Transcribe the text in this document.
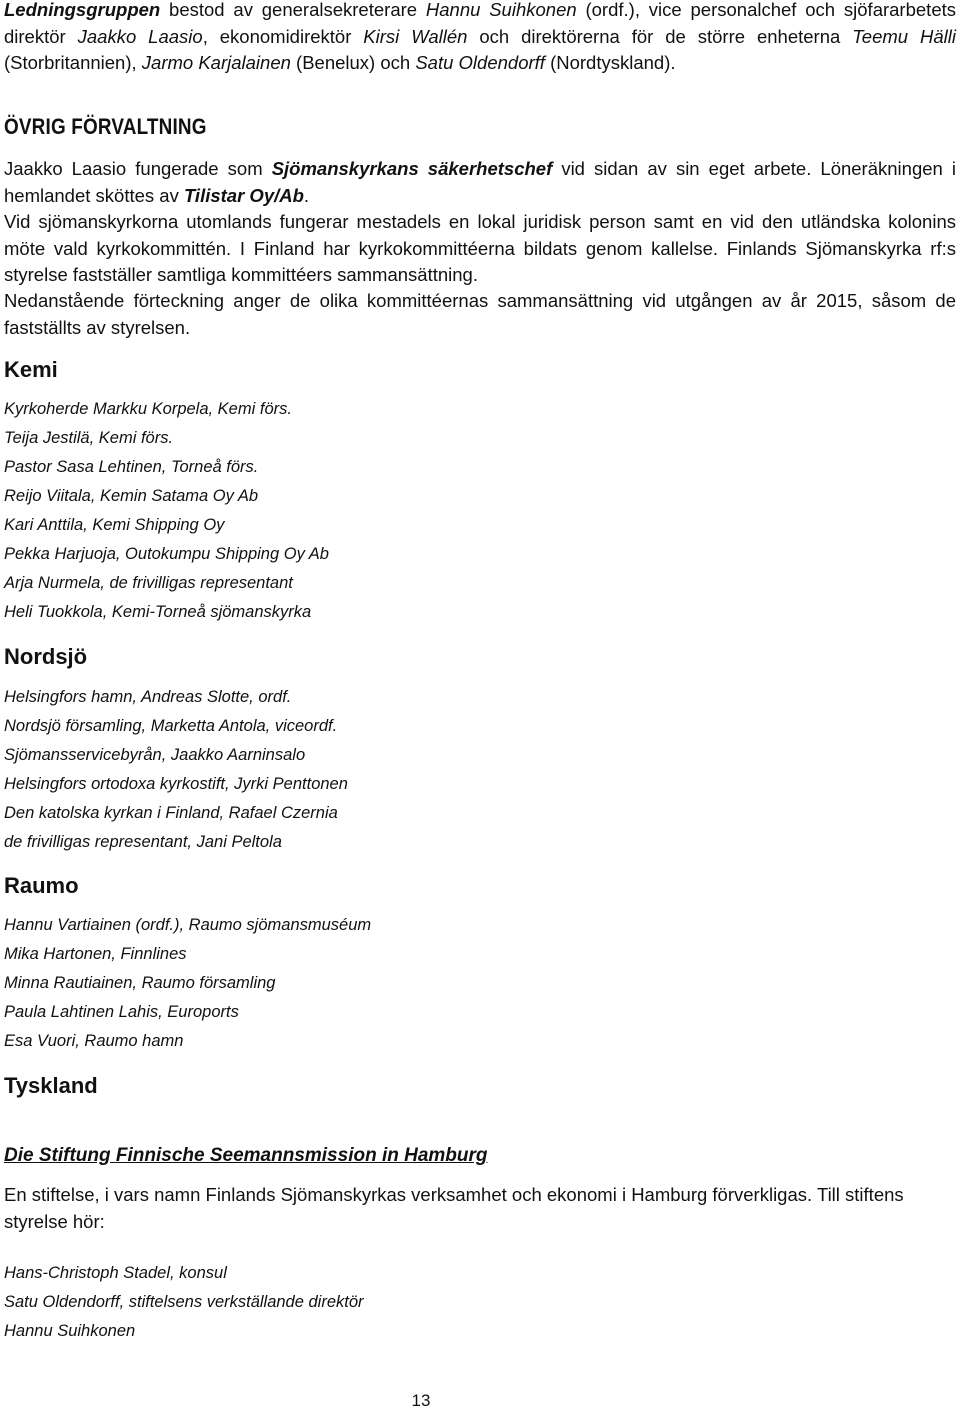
Ledningsgruppen bestod av generalsekreterare Hannu Suihkonen (ordf.), vice personalchef och sjöfararbetets direktör Jaakko Laasio, ekonomidirektör Kirsi Wallén och direktörerna för de större enheterna Teemu Hälli (Storbritannien), Jarmo Karjalainen (Benelux) och Satu Oldendorff (Nordtyskland).

ÖVRIG FÖRVALTNING

Jaakko Laasio fungerade som Sjömanskyrkans säkerhetschef vid sidan av sin eget arbete. Löneräkningen i hemlandet sköttes av Tilistar Oy/Ab.

Vid sjömanskyrkorna utomlands fungerar mestadels en lokal juridisk person samt en vid den utländska kolonins möte vald kyrkokommittén. I Finland har kyrkokommittéerna bildats genom kallelse. Finlands Sjömanskyrka rf:s styrelse fastställer samtliga kommittéers sammansättning.

Nedanstående förteckning anger de olika kommittéernas sammansättning vid utgången av år 2015, såsom de fastställts av styrelsen.

Kemi
Kyrkoherde Markku Korpela, Kemi förs.
Teija Jestilä, Kemi förs.
Pastor Sasa Lehtinen, Torneå förs.
Reijo Viitala, Kemin Satama Oy Ab
Kari Anttila, Kemi Shipping Oy
Pekka Harjuoja, Outokumpu Shipping Oy Ab
Arja Nurmela, de frivilligas representant
Heli Tuokkola, Kemi-Torneå sjömanskyrka
Nordsjö
Helsingfors hamn, Andreas Slotte, ordf.
Nordsjö församling, Marketta Antola, viceordf.
Sjömansservicebyrån, Jaakko Aarninsalo
Helsingfors ortodoxa kyrkostift, Jyrki Penttonen
Den katolska kyrkan i Finland, Rafael Czernia
de frivilligas representant, Jani Peltola
Raumo
Hannu Vartiainen (ordf.), Raumo sjömansmuséum
Mika Hartonen, Finnlines
Minna Rautiainen, Raumo församling
Paula Lahtinen Lahis, Euroports
Esa Vuori, Raumo hamn
Tyskland

Die Stiftung Finnische Seemannsmission in Hamburg

En stiftelse, i vars namn Finlands Sjömanskyrkas verksamhet och ekonomi i Hamburg förverkligas. Till stiftens styrelse hör:

Hans-Christoph Stadel, konsul
Satu Oldendorff, stiftelsens verkställande direktör
Hannu Suihkonen
13
